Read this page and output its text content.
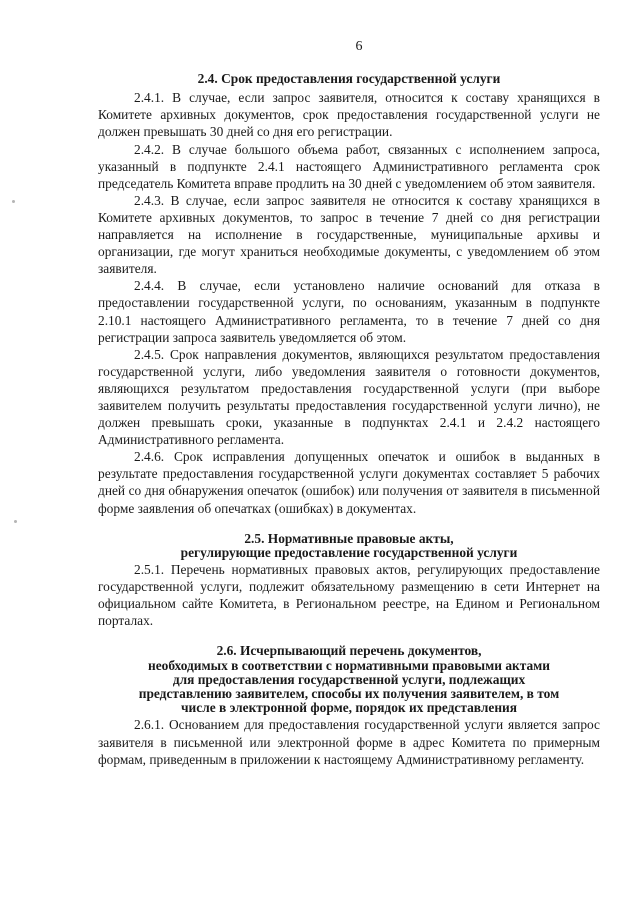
6
2.4. Срок предоставления государственной услуги

2.4.1. В случае, если запрос заявителя, относится к составу хранящихся в Комитете архивных документов, срок предоставления государственной услуги не должен превышать 30 дней со дня его регистрации.

2.4.2. В случае большого объема работ, связанных с исполнением запроса, указанный в подпункте 2.4.1 настоящего Административного регламента срок председатель Комитета вправе продлить на 30 дней с уведомлением об этом заявителя.

2.4.3. В случае, если запрос заявителя не относится к составу хранящихся в Комитете архивных документов, то запрос в течение 7 дней со дня регистрации направляется на исполнение в государственные, муниципальные архивы и организации, где могут храниться необходимые документы, с уведомлением об этом заявителя.

2.4.4. В случае, если установлено наличие оснований для отказа в предоставлении государственной услуги, по основаниям, указанным в подпункте 2.10.1 настоящего Административного регламента, то в течение 7 дней со дня регистрации запроса заявитель уведомляется об этом.

2.4.5. Срок направления документов, являющихся результатом предоставления государственной услуги, либо уведомления заявителя о готовности документов, являющихся результатом предоставления государственной услуги (при выборе заявителем получить результаты предоставления государственной услуги лично), не должен превышать сроки, указанные в подпунктах 2.4.1 и 2.4.2 настоящего Административного регламента.

2.4.6. Срок исправления допущенных опечаток и ошибок в выданных в результате предоставления государственной услуги документах составляет 5 рабочих дней со дня обнаружения опечаток (ошибок) или получения от заявителя в письменной форме заявления об опечатках (ошибках) в документах.

2.5. Нормативные правовые акты,
регулирующие предоставление государственной услуги

2.5.1. Перечень нормативных правовых актов, регулирующих предоставление государственной услуги, подлежит обязательному размещению в сети Интернет на официальном сайте Комитета, в Региональном реестре, на Едином и Региональном порталах.

2.6. Исчерпывающий перечень документов,
необходимых в соответствии с нормативными правовыми актами
для предоставления государственной услуги, подлежащих
представлению заявителем, способы их получения заявителем, в том
числе в электронной форме, порядок их представления

2.6.1. Основанием для предоставления государственной услуги является запрос заявителя в письменной или электронной форме в адрес Комитета по примерным формам, приведенным в приложении к настоящему Административному регламенту.
